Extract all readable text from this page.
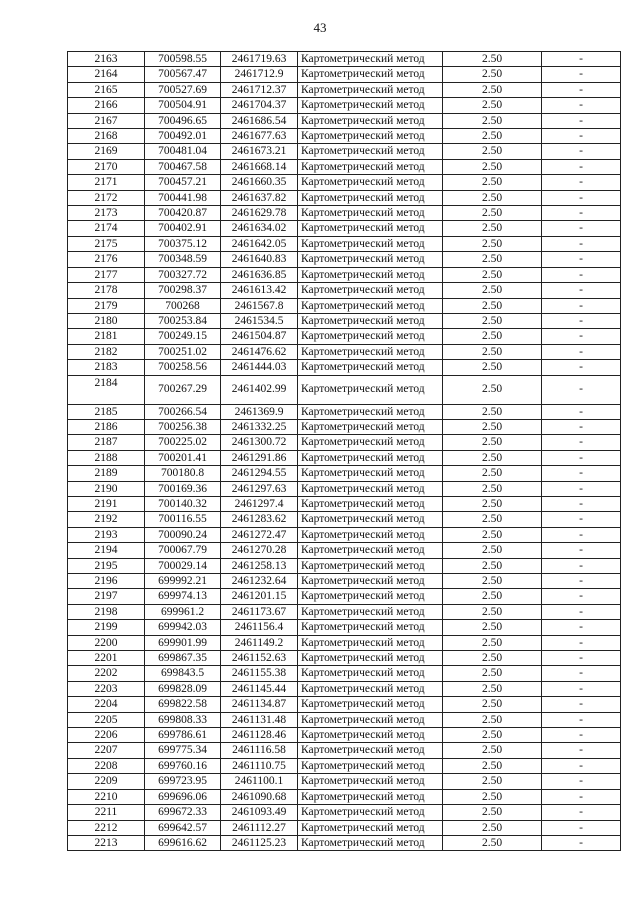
43
2163	700598.55	2461719.63	Картометрический метод	2.50	-
2164	700567.47	2461712.9	Картометрический метод	2.50	-
2165	700527.69	2461712.37	Картометрический метод	2.50	-
2166	700504.91	2461704.37	Картометрический метод	2.50	-
2167	700496.65	2461686.54	Картометрический метод	2.50	-
2168	700492.01	2461677.63	Картометрический метод	2.50	-
2169	700481.04	2461673.21	Картометрический метод	2.50	-
2170	700467.58	2461668.14	Картометрический метод	2.50	-
2171	700457.21	2461660.35	Картометрический метод	2.50	-
2172	700441.98	2461637.82	Картометрический метод	2.50	-
2173	700420.87	2461629.78	Картометрический метод	2.50	-
2174	700402.91	2461634.02	Картометрический метод	2.50	-
2175	700375.12	2461642.05	Картометрический метод	2.50	-
2176	700348.59	2461640.83	Картометрический метод	2.50	-
2177	700327.72	2461636.85	Картометрический метод	2.50	-
2178	700298.37	2461613.42	Картометрический метод	2.50	-
2179	700268	2461567.8	Картометрический метод	2.50	-
2180	700253.84	2461534.5	Картометрический метод	2.50	-
2181	700249.15	2461504.87	Картометрический метод	2.50	-
2182	700251.02	2461476.62	Картометрический метод	2.50	-
2183	700258.56	2461444.03	Картометрический метод	2.50	-
2184	700267.29	2461402.99	Картометрический метод	2.50	-
2185	700266.54	2461369.9	Картометрический метод	2.50	-
2186	700256.38	2461332.25	Картометрический метод	2.50	-
2187	700225.02	2461300.72	Картометрический метод	2.50	-
2188	700201.41	2461291.86	Картометрический метод	2.50	-
2189	700180.8	2461294.55	Картометрический метод	2.50	-
2190	700169.36	2461297.63	Картометрический метод	2.50	-
2191	700140.32	2461297.4	Картометрический метод	2.50	-
2192	700116.55	2461283.62	Картометрический метод	2.50	-
2193	700090.24	2461272.47	Картометрический метод	2.50	-
2194	700067.79	2461270.28	Картометрический метод	2.50	-
2195	700029.14	2461258.13	Картометрический метод	2.50	-
2196	699992.21	2461232.64	Картометрический метод	2.50	-
2197	699974.13	2461201.15	Картометрический метод	2.50	-
2198	699961.2	2461173.67	Картометрический метод	2.50	-
2199	699942.03	2461156.4	Картометрический метод	2.50	-
2200	699901.99	2461149.2	Картометрический метод	2.50	-
2201	699867.35	2461152.63	Картометрический метод	2.50	-
2202	699843.5	2461155.38	Картометрический метод	2.50	-
2203	699828.09	2461145.44	Картометрический метод	2.50	-
2204	699822.58	2461134.87	Картометрический метод	2.50	-
2205	699808.33	2461131.48	Картометрический метод	2.50	-
2206	699786.61	2461128.46	Картометрический метод	2.50	-
2207	699775.34	2461116.58	Картометрический метод	2.50	-
2208	699760.16	2461110.75	Картометрический метод	2.50	-
2209	699723.95	2461100.1	Картометрический метод	2.50	-
2210	699696.06	2461090.68	Картометрический метод	2.50	-
2211	699672.33	2461093.49	Картометрический метод	2.50	-
2212	699642.57	2461112.27	Картометрический метод	2.50	-
2213	699616.62	2461125.23	Картометрический метод	2.50	-
